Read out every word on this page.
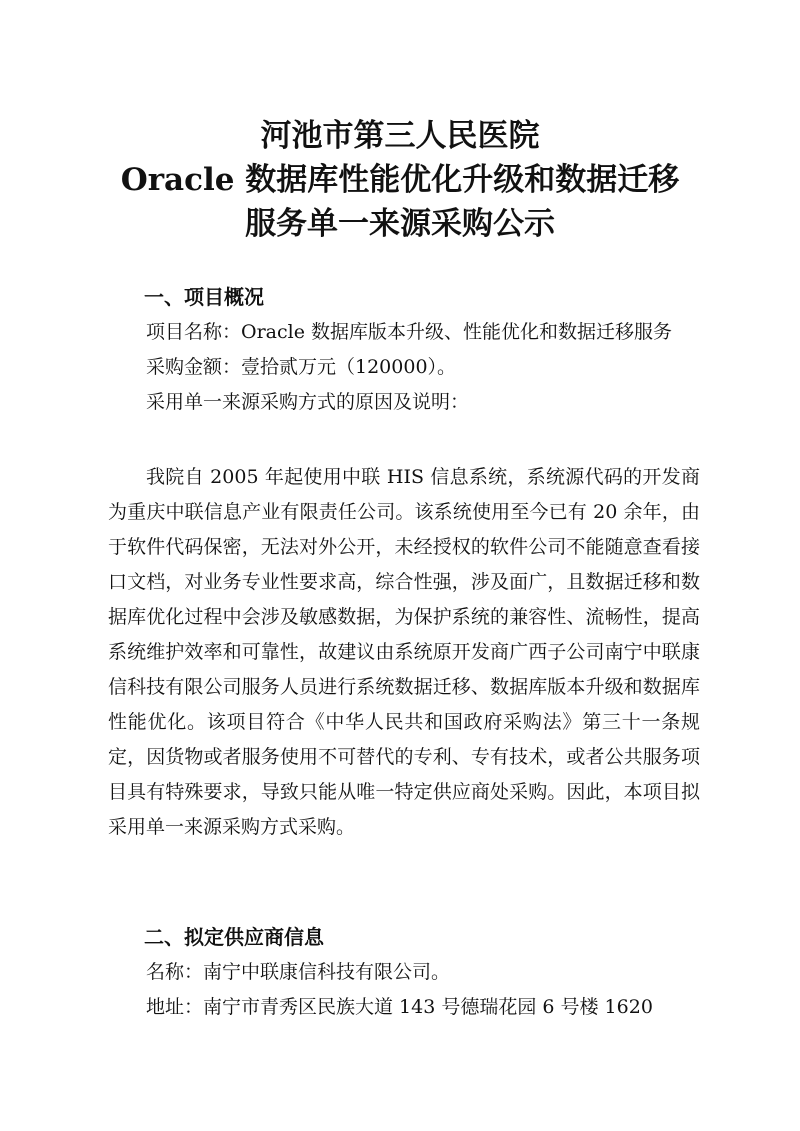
河池市第三人民医院
Oracle 数据库性能优化升级和数据迁移
服务单一来源采购公示
一、项目概况

项目名称：Oracle 数据库版本升级、性能优化和数据迁移服务

采购金额：壹拾贰万元（120000）。

采用单一来源采购方式的原因及说明：

我院自 2005 年起使用中联 HIS 信息系统，系统源代码的开发商为重庆中联信息产业有限责任公司。该系统使用至今已有 20 余年，由于软件代码保密，无法对外公开，未经授权的软件公司不能随意查看接口文档，对业务专业性要求高，综合性强，涉及面广，且数据迁移和数据库优化过程中会涉及敏感数据，为保护系统的兼容性、流畅性，提高系统维护效率和可靠性，故建议由系统原开发商广西子公司南宁中联康信科技有限公司服务人员进行系统数据迁移、数据库版本升级和数据库性能优化。该项目符合《中华人民共和国政府采购法》第三十一条规定，因货物或者服务使用不可替代的专利、专有技术，或者公共服务项目具有特殊要求，导致只能从唯一特定供应商处采购。因此，本项目拟采用单一来源采购方式采购。

二、拟定供应商信息

名称：南宁中联康信科技有限公司。

地址：南宁市青秀区民族大道 143 号德瑞花园 6 号楼 1620
